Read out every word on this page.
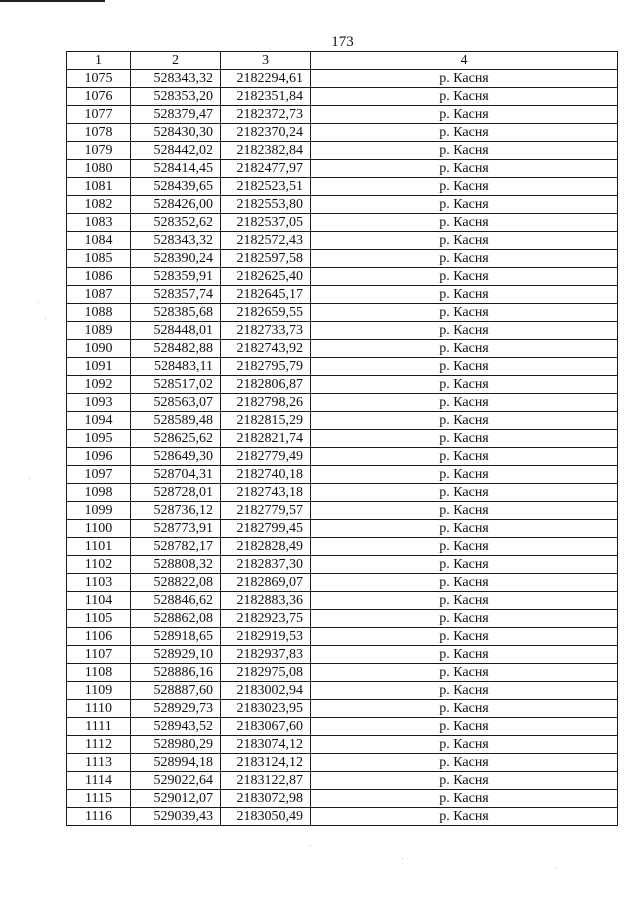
173
1	2	3	4
1075	528343,32	2182294,61	р. Касня
1076	528353,20	2182351,84	р. Касня
1077	528379,47	2182372,73	р. Касня
1078	528430,30	2182370,24	р. Касня
1079	528442,02	2182382,84	р. Касня
1080	528414,45	2182477,97	р. Касня
1081	528439,65	2182523,51	р. Касня
1082	528426,00	2182553,80	р. Касня
1083	528352,62	2182537,05	р. Касня
1084	528343,32	2182572,43	р. Касня
1085	528390,24	2182597,58	р. Касня
1086	528359,91	2182625,40	р. Касня
1087	528357,74	2182645,17	р. Касня
1088	528385,68	2182659,55	р. Касня
1089	528448,01	2182733,73	р. Касня
1090	528482,88	2182743,92	р. Касня
1091	528483,11	2182795,79	р. Касня
1092	528517,02	2182806,87	р. Касня
1093	528563,07	2182798,26	р. Касня
1094	528589,48	2182815,29	р. Касня
1095	528625,62	2182821,74	р. Касня
1096	528649,30	2182779,49	р. Касня
1097	528704,31	2182740,18	р. Касня
1098	528728,01	2182743,18	р. Касня
1099	528736,12	2182779,57	р. Касня
1100	528773,91	2182799,45	р. Касня
1101	528782,17	2182828,49	р. Касня
1102	528808,32	2182837,30	р. Касня
1103	528822,08	2182869,07	р. Касня
1104	528846,62	2182883,36	р. Касня
1105	528862,08	2182923,75	р. Касня
1106	528918,65	2182919,53	р. Касня
1107	528929,10	2182937,83	р. Касня
1108	528886,16	2182975,08	р. Касня
1109	528887,60	2183002,94	р. Касня
1110	528929,73	2183023,95	р. Касня
1111	528943,52	2183067,60	р. Касня
1112	528980,29	2183074,12	р. Касня
1113	528994,18	2183124,12	р. Касня
1114	529022,64	2183122,87	р. Касня
1115	529012,07	2183072,98	р. Касня
1116	529039,43	2183050,49	р. Касня
